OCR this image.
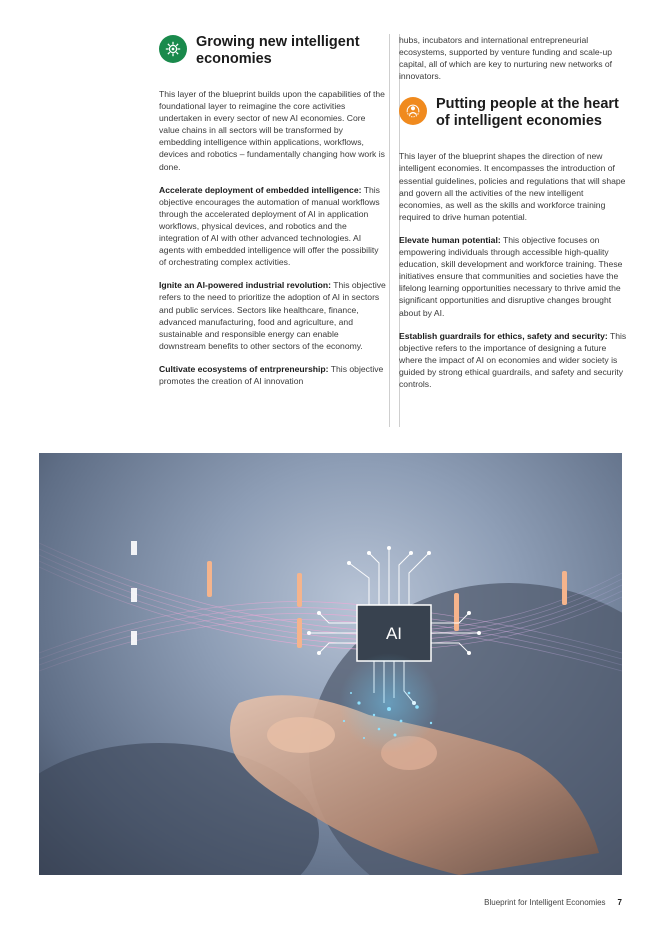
Growing new intelligent economies

This layer of the blueprint builds upon the capabilities of the foundational layer to reimagine the core activities undertaken in every sector of new AI economies. Core value chains in all sectors will be transformed by embedding intelligence within applications, workflows, devices and robotics – fundamentally changing how work is done.

Accelerate deployment of embedded intelligence: This objective encourages the automation of manual workflows through the accelerated deployment of AI in application workflows, physical devices, and robotics and the integration of AI with other advanced technologies. AI agents with embedded intelligence will offer the possibility of orchestrating complex activities.

Ignite an AI-powered industrial revolution: This objective refers to the need to prioritize the adoption of AI in sectors and public services. Sectors like healthcare, finance, advanced manufacturing, food and agriculture, and sustainable and responsible energy can enable downstream benefits to other sectors of the economy.

Cultivate ecosystems of entrpreneurship: This objective promotes the creation of AI innovation

hubs, incubators and international entrepreneurial ecosystems, supported by venture funding and scale-up capital, all of which are key to nurturing new networks of innovators.

Putting people at the heart of intelligent economies

This layer of the blueprint shapes the direction of new intelligent economies. It encompasses the introduction of essential guidelines, policies and regulations that will shape and govern all the activities of the new intelligent economies, as well as the skills and workforce training required to drive human potential.

Elevate human potential: This objective focuses on empowering individuals through accessible high-quality education, skill development and workforce training. These initiatives ensure that communities and societies have the lifelong learning opportunities necessary to thrive amid the significant opportunities and disruptive changes brought about by AI.

Establish guardrails for ethics, safety and security: This objective refers to the importance of designing a future where the impact of AI on economies and wider society is guided by strong ethical guardrails, and safety and security controls.

AI
Blueprint for Intelligent Economies 7
